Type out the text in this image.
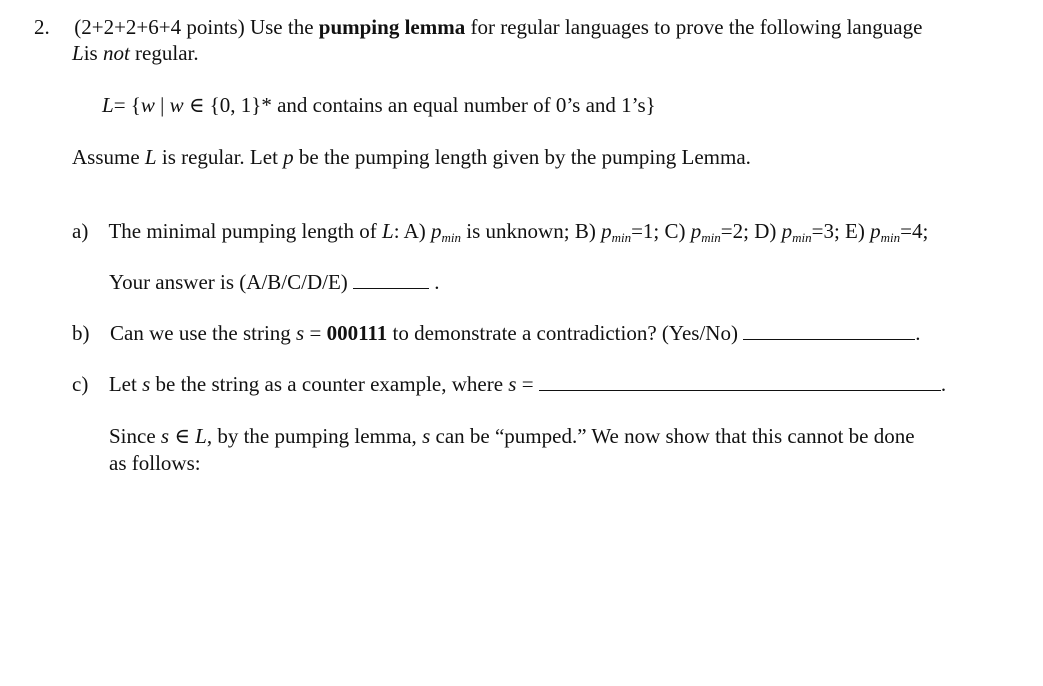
2. (2+2+2+6+4 points) Use the pumping lemma for regular languages to prove the following language
Lis not regular.
L= {w | w ∈ {0, 1}* and contains an equal number of 0’s and 1’s}
Assume L is regular. Let p be the pumping length given by the pumping Lemma.
a) The minimal pumping length of L: A) pmin is unknown; B) pmin=1; C) pmin=2; D) pmin=3; E) pmin=4;
Your answer is (A/B/C/D/E)	.
b) Can we use the string s = 000111 to demonstrate a contradiction? (Yes/No)	.
c) Let s be the string as a counter example, where s =	.
Since s ∈ L, by the pumping lemma, s can be “pumped.” We now show that this cannot be done
as follows:
